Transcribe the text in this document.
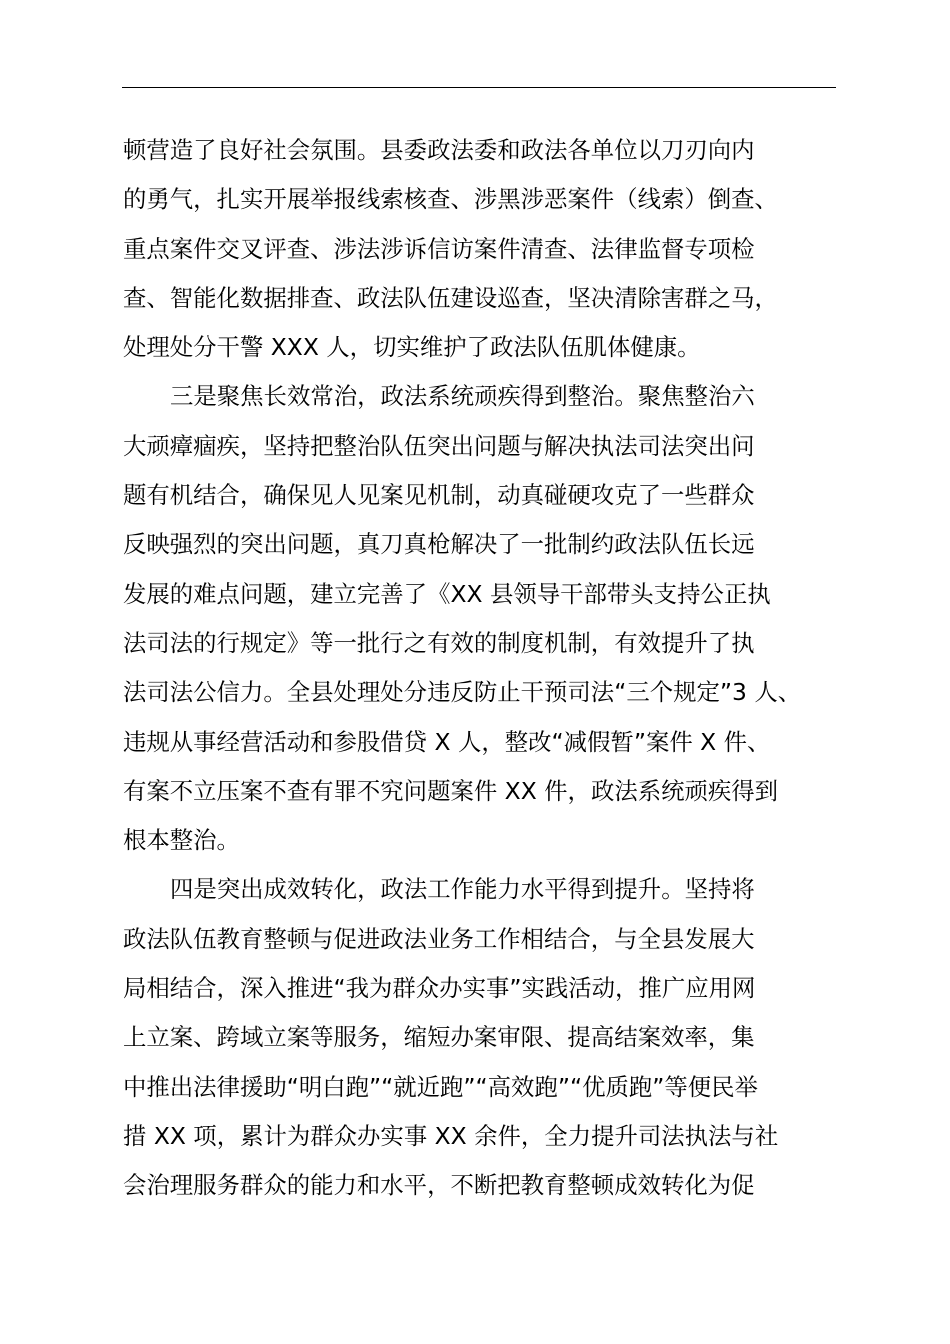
顿营造了良好社会氛围。县委政法委和政法各单位以刀刃向内
的勇气，扎实开展举报线索核查、涉黑涉恶案件（线索）倒查、
重点案件交叉评查、涉法涉诉信访案件清查、法律监督专项检
查、智能化数据排查、政法队伍建设巡查，坚决清除害群之马，
处理处分干警 XXX 人，切实维护了政法队伍肌体健康。

三是聚焦长效常治，政法系统顽疾得到整治。聚焦整治六
大顽瘴痼疾，坚持把整治队伍突出问题与解决执法司法突出问
题有机结合，确保见人见案见机制，动真碰硬攻克了一些群众
反映强烈的突出问题，真刀真枪解决了一批制约政法队伍长远
发展的难点问题，建立完善了《XX 县领导干部带头支持公正执
法司法的行规定》等一批行之有效的制度机制，有效提升了执
法司法公信力。全县处理处分违反防止干预司法“三个规定”3 人、
违规从事经营活动和参股借贷 X 人，整改“减假暂”案件 X 件、
有案不立压案不查有罪不究问题案件 XX 件，政法系统顽疾得到
根本整治。

四是突出成效转化，政法工作能力水平得到提升。坚持将
政法队伍教育整顿与促进政法业务工作相结合，与全县发展大
局相结合，深入推进“我为群众办实事”实践活动，推广应用网
上立案、跨域立案等服务，缩短办案审限、提高结案效率，集
中推出法律援助“明白跑”“就近跑”“高效跑”“优质跑”等便民举
措 XX 项，累计为群众办实事 XX 余件，全力提升司法执法与社
会治理服务群众的能力和水平，不断把教育整顿成效转化为促
